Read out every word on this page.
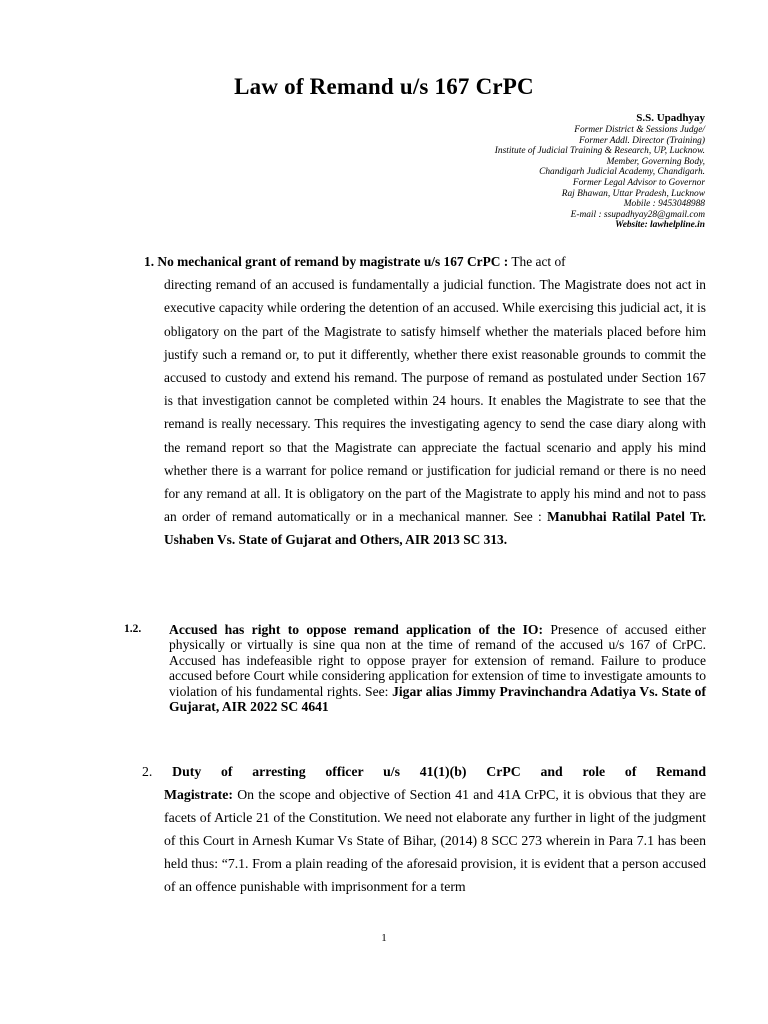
Law of Remand u/s 167 CrPC
S.S. Upadhyay
Former District & Sessions Judge/
Former Addl. Director (Training)
Institute of Judicial Training & Research, UP, Lucknow.
Member, Governing Body,
Chandigarh Judicial Academy, Chandigarh.
Former Legal Advisor to Governor
Raj Bhawan, Uttar Pradesh, Lucknow
Mobile : 9453048988
E-mail : ssupadhyay28@gmail.com
Website: lawhelpline.in
1. No mechanical grant of remand by magistrate u/s 167 CrPC : The act of
directing remand of an accused is fundamentally a judicial function. The Magistrate does not act in executive capacity while ordering the detention of an accused. While exercising this judicial act, it is obligatory on the part of the Magistrate to satisfy himself whether the materials placed before him justify such a remand or, to put it differently, whether there exist reasonable grounds to commit the accused to custody and extend his remand. The purpose of remand as postulated under Section 167 is that investigation cannot be completed within 24 hours. It enables the Magistrate to see that the remand is really necessary. This requires the investigating agency to send the case diary along with the remand report so that the Magistrate can appreciate the factual scenario and apply his mind whether there is a warrant for police remand or justification for judicial remand or there is no need for any remand at all. It is obligatory on the part of the Magistrate to apply his mind and not to pass an order of remand automatically or in a mechanical manner. See : Manubhai Ratilal Patel Tr. Ushaben Vs. State of Gujarat and Others, AIR 2013 SC 313.
1.2.	Accused has right to oppose remand application of the IO: Presence of accused either physically or virtually is sine qua non at the time of remand of the accused u/s 167 of CrPC. Accused has indefeasible right to oppose prayer for extension of remand. Failure to produce accused before Court while considering application for extension of time to investigate amounts to violation of his fundamental rights. See: Jigar alias Jimmy Pravinchandra Adatiya Vs. State of Gujarat, AIR 2022 SC 4641
2. Duty of arresting officer u/s 41(1)(b) CrPC and role of Remand
Magistrate: On the scope and objective of Section 41 and 41A CrPC, it is obvious that they are facets of Article 21 of the Constitution. We need not elaborate any further in light of the judgment of this Court in Arnesh Kumar Vs State of Bihar, (2014) 8 SCC 273 wherein in Para 7.1 has been held thus: “7.1. From a plain reading of the aforesaid provision, it is evident that a person accused of an offence punishable with imprisonment for a term
1
